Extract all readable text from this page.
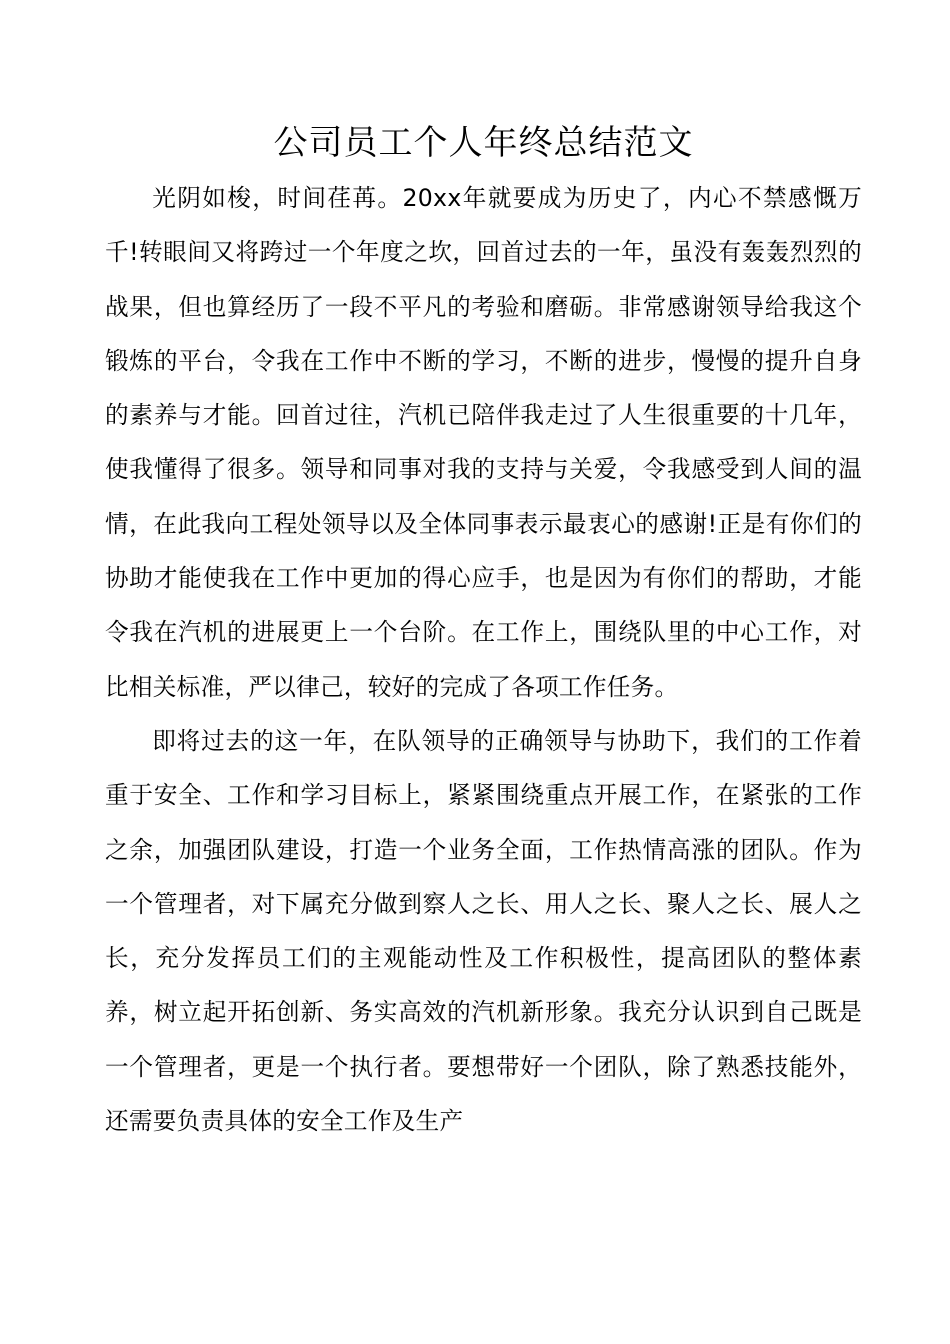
公司员工个人年终总结范文

光阴如梭，时间荏苒。20xx年就要成为历史了，内心不禁感慨万千!转眼间又将跨过一个年度之坎，回首过去的一年，虽没有轰轰烈烈的战果，但也算经历了一段不平凡的考验和磨砺。非常感谢领导给我这个锻炼的平台，令我在工作中不断的学习，不断的进步，慢慢的提升自身的素养与才能。回首过往，汽机已陪伴我走过了人生很重要的十几年，使我懂得了很多。领导和同事对我的支持与关爱，令我感受到人间的温情，在此我向工程处领导以及全体同事表示最衷心的感谢!正是有你们的协助才能使我在工作中更加的得心应手，也是因为有你们的帮助，才能令我在汽机的进展更上一个台阶。在工作上，围绕队里的中心工作，对比相关标准，严以律己，较好的完成了各项工作任务。

即将过去的这一年，在队领导的正确领导与协助下，我们的工作着重于安全、工作和学习目标上，紧紧围绕重点开展工作，在紧张的工作之余，加强团队建设，打造一个业务全面，工作热情高涨的团队。作为一个管理者，对下属充分做到察人之长、用人之长、聚人之长、展人之长，充分发挥员工们的主观能动性及工作积极性，提高团队的整体素养，树立起开拓创新、务实高效的汽机新形象。我充分认识到自己既是一个管理者，更是一个执行者。要想带好一个团队，除了熟悉技能外，还需要负责具体的安全工作及生产
